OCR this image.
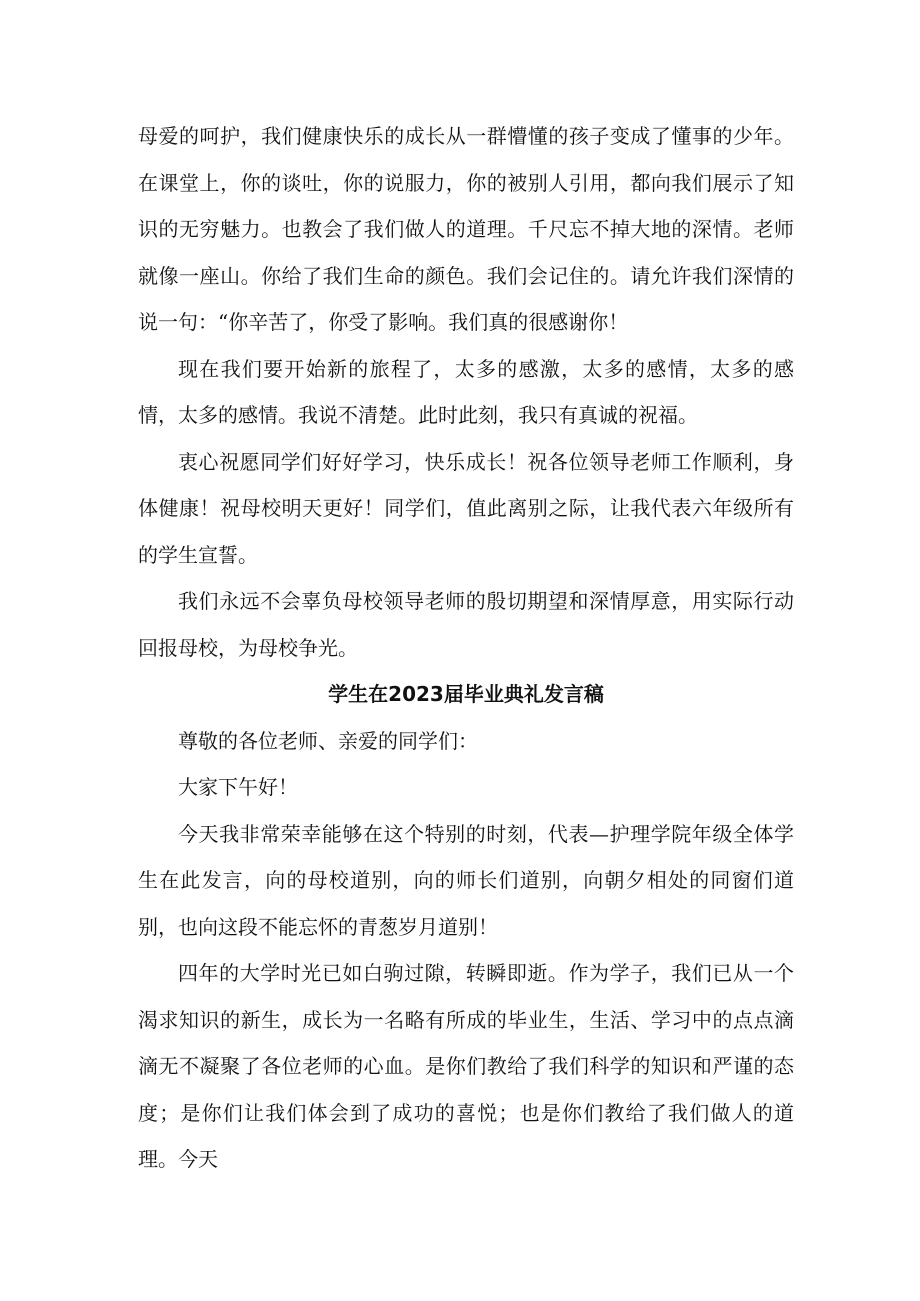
母爱的呵护，我们健康快乐的成长从一群懵懂的孩子变成了懂事的少年。在课堂上，你的谈吐，你的说服力，你的被别人引用，都向我们展示了知识的无穷魅力。也教会了我们做人的道理。千尺忘不掉大地的深情。老师就像一座山。你给了我们生命的颜色。我们会记住的。请允许我们深情的说一句：“你辛苦了，你受了影响。我们真的很感谢你！

现在我们要开始新的旅程了，太多的感激，太多的感情，太多的感情，太多的感情。我说不清楚。此时此刻，我只有真诚的祝福。

衷心祝愿同学们好好学习，快乐成长！祝各位领导老师工作顺利，身体健康！祝母校明天更好！同学们，值此离别之际，让我代表六年级所有的学生宣誓。

我们永远不会辜负母校领导老师的殷切期望和深情厚意，用实际行动回报母校，为母校争光。

学生在2023届毕业典礼发言稿

尊敬的各位老师、亲爱的同学们：

大家下午好！

今天我非常荣幸能够在这个特别的时刻，代表—护理学院年级全体学生在此发言，向的母校道别，向的师长们道别，向朝夕相处的同窗们道别，也向这段不能忘怀的青葱岁月道别！

四年的大学时光已如白驹过隙，转瞬即逝。作为学子，我们已从一个渴求知识的新生，成长为一名略有所成的毕业生，生活、学习中的点点滴滴无不凝聚了各位老师的心血。是你们教给了我们科学的知识和严谨的态度；是你们让我们体会到了成功的喜悦；也是你们教给了我们做人的道理。今天
